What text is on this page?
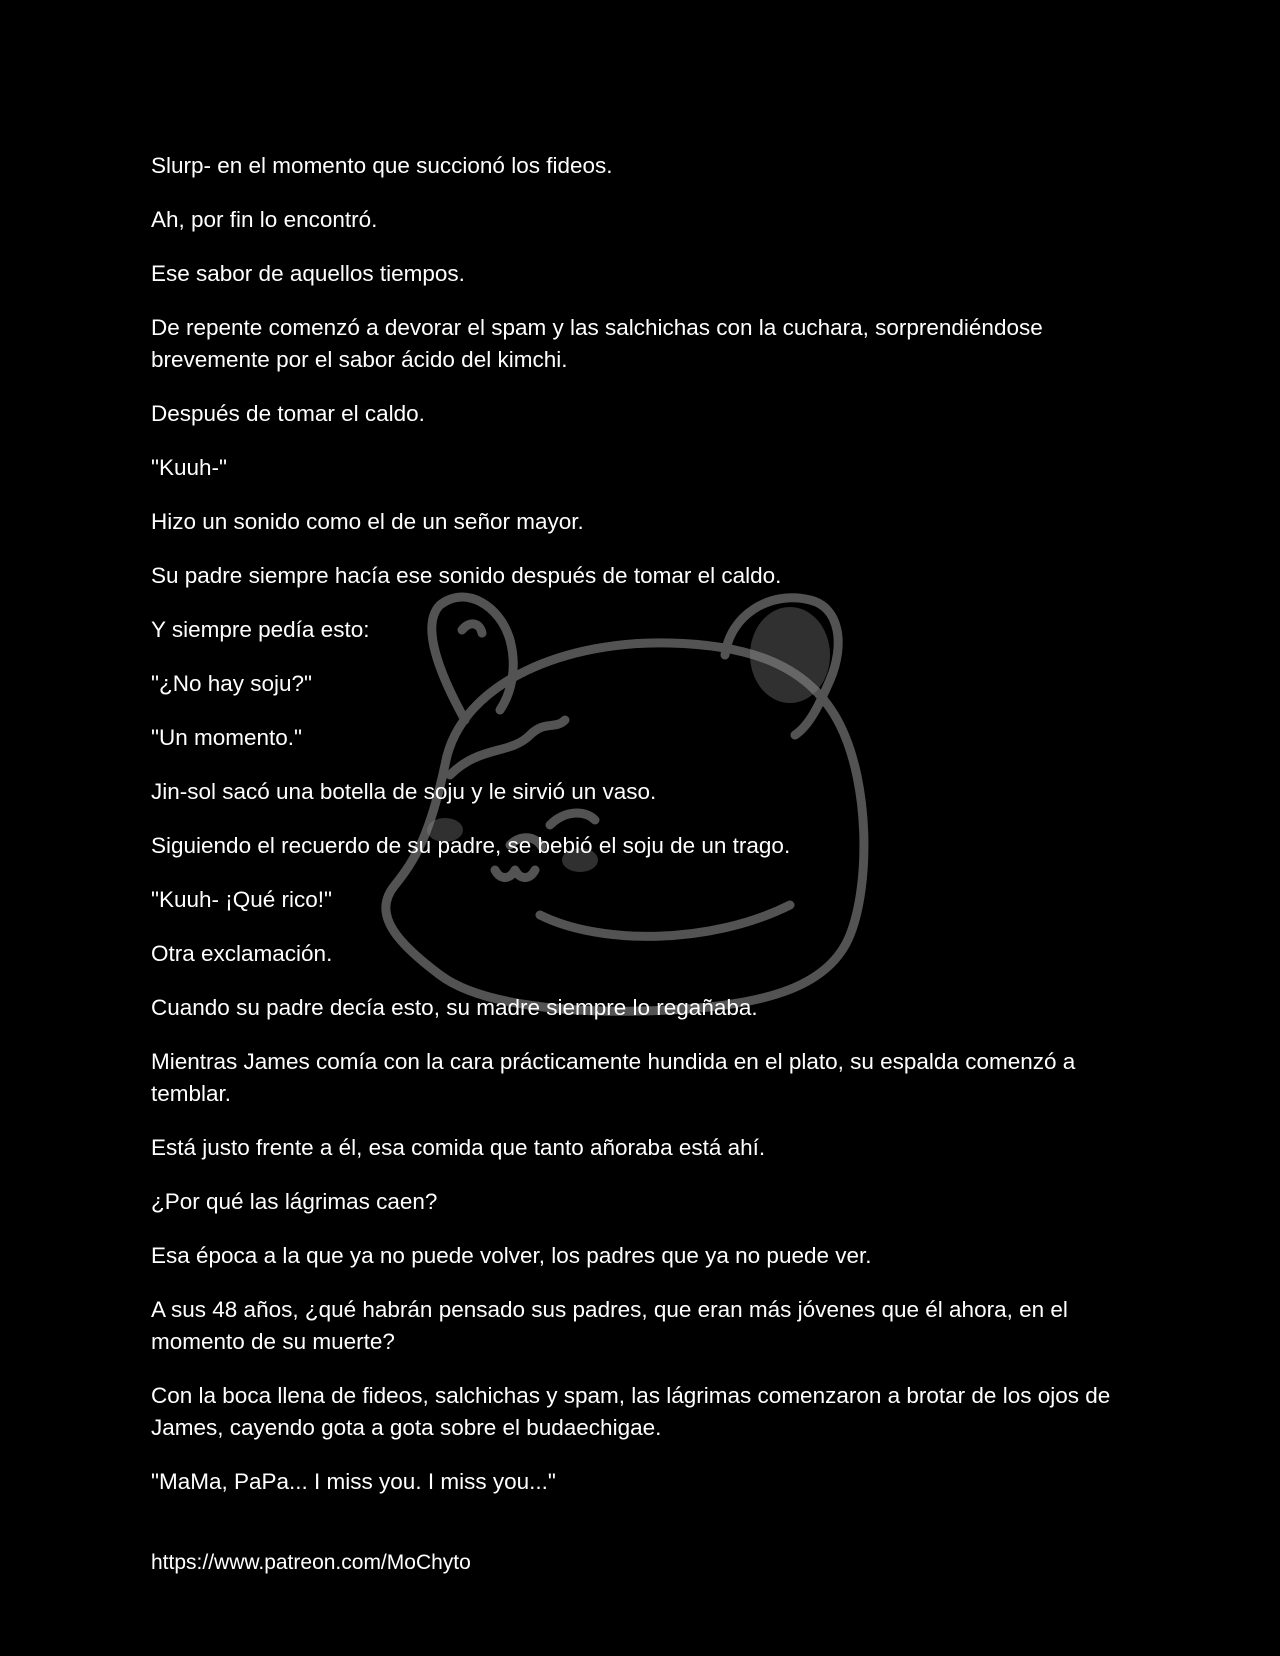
Slurp- en el momento que succionó los fideos.

Ah, por fin lo encontró.

Ese sabor de aquellos tiempos.

De repente comenzó a devorar el spam y las salchichas con la cuchara, sorprendiéndose brevemente por el sabor ácido del kimchi.

Después de tomar el caldo.

"Kuuh-"

Hizo un sonido como el de un señor mayor.

Su padre siempre hacía ese sonido después de tomar el caldo.

Y siempre pedía esto:

"¿No hay soju?"

"Un momento."

Jin-sol sacó una botella de soju y le sirvió un vaso.

Siguiendo el recuerdo de su padre, se bebió el soju de un trago.

"Kuuh- ¡Qué rico!"

Otra exclamación.

Cuando su padre decía esto, su madre siempre lo regañaba.

Mientras James comía con la cara prácticamente hundida en el plato, su espalda comenzó a temblar.

Está justo frente a él, esa comida que tanto añoraba está ahí.

¿Por qué las lágrimas caen?

Esa época a la que ya no puede volver, los padres que ya no puede ver.

A sus 48 años, ¿qué habrán pensado sus padres, que eran más jóvenes que él ahora, en el momento de su muerte?

Con la boca llena de fideos, salchichas y spam, las lágrimas comenzaron a brotar de los ojos de James, cayendo gota a gota sobre el budaechigae.

"MaMa, PaPa... I miss you. I miss you..."

https://www.patreon.com/MoChyto
